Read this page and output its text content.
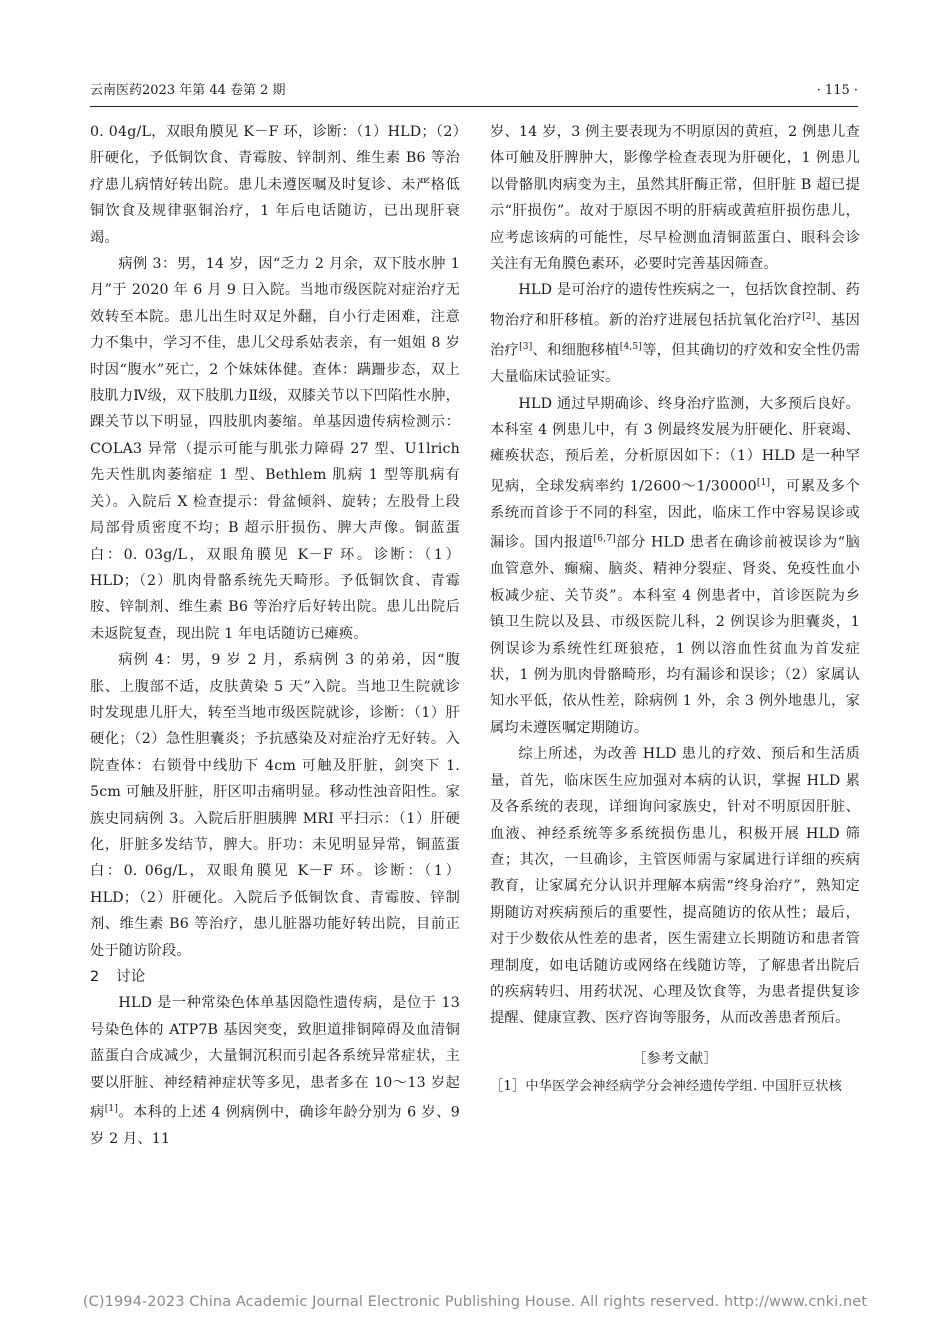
云南医药2023 年第 44 卷第 2 期	· 115 ·

0. 04g/L，双眼角膜见 K－F 环，诊断：（1）HLD；（2）肝硬化，予低铜饮食、青霉胺、锌制剂、维生素 B6 等治疗患儿病情好转出院。患儿未遵医嘱及时复诊、未严格低铜饮食及规律驱铜治疗，1 年后电话随访，已出现肝衰竭。

病例 3：男，14 岁，因“乏力 2 月余，双下肢水肿 1 月”于 2020 年 6 月 9 日入院。当地市级医院对症治疗无效转至本院。患儿出生时双足外翻，自小行走困难，注意力不集中，学习不佳，患儿父母系姑表亲，有一姐姐 8 岁时因“腹水”死亡，2 个妹妹体健。查体：蹒跚步态，双上肢肌力Ⅳ级，双下肢肌力Ⅱ级，双膝关节以下凹陷性水肿，踝关节以下明显，四肢肌肉萎缩。单基因遗传病检测示：COLA3 异常（提示可能与肌张力障碍 27 型、U1lrich 先天性肌肉萎缩症 1 型、Bethlem 肌病 1 型等肌病有关）。入院后 X 检查提示：骨盆倾斜、旋转；左股骨上段局部骨质密度不均；B 超示肝损伤、脾大声像。铜蓝蛋白：0. 03g/L，双眼角膜见 K－F 环。诊断：（1）HLD；（2）肌肉骨骼系统先天畸形。予低铜饮食、青霉胺、锌制剂、维生素 B6 等治疗后好转出院。患儿出院后未返院复查，现出院 1 年电话随访已瘫痪。

病例 4：男，9 岁 2 月，系病例 3 的弟弟，因“腹胀、上腹部不适，皮肤黄染 5 天”入院。当地卫生院就诊时发现患儿肝大，转至当地市级医院就诊，诊断：（1）肝硬化；（2）急性胆囊炎；予抗感染及对症治疗无好转。入院查体：右锁骨中线肋下 4cm 可触及肝脏，剑突下 1. 5cm 可触及肝脏，肝区叩击痛明显。移动性浊音阳性。家族史同病例 3。入院后肝胆胰脾 MRI 平扫示：（1）肝硬化，肝脏多发结节，脾大。肝功：未见明显异常，铜蓝蛋白：0. 06g/L，双眼角膜见 K－F 环。诊断：（1）HLD；（2）肝硬化。入院后予低铜饮食、青霉胺、锌制剂、维生素 B6 等治疗，患儿脏器功能好转出院，目前正处于随访阶段。

2 讨论

HLD 是一种常染色体单基因隐性遗传病，是位于 13 号染色体的 ATP7B 基因突变，致胆道排铜障碍及血清铜蓝蛋白合成减少，大量铜沉积而引起各系统异常症状，主要以肝脏、神经精神症状等多见，患者多在 10～13 岁起病[1]。本科的上述 4 例病例中，确诊年龄分别为 6 岁、9 岁 2 月、11

岁、14 岁，3 例主要表现为不明原因的黄疸，2 例患儿查体可触及肝脾肿大，影像学检查表现为肝硬化，1 例患儿以骨骼肌肉病变为主，虽然其肝酶正常，但肝脏 B 超已提示“肝损伤”。故对于原因不明的肝病或黄疸肝损伤患儿，应考虑该病的可能性，尽早检测血清铜蓝蛋白、眼科会诊关注有无角膜色素环，必要时完善基因筛查。

HLD 是可治疗的遗传性疾病之一，包括饮食控制、药物治疗和肝移植。新的治疗进展包括抗氧化治疗[2]、基因治疗[3]、和细胞移植[4,5]等，但其确切的疗效和安全性仍需大量临床试验证实。

HLD 通过早期确诊、终身治疗监测，大多预后良好。本科室 4 例患儿中，有 3 例最终发展为肝硬化、肝衰竭、瘫痪状态，预后差，分析原因如下：（1）HLD 是一种罕见病，全球发病率约 1/2600～1/30000[1]，可累及多个系统而首诊于不同的科室，因此，临床工作中容易误诊或漏诊。国内报道[6,7]部分 HLD 患者在确诊前被误诊为“脑血管意外、癫痫、脑炎、精神分裂症、肾炎、免疫性血小板减少症、关节炎”。本科室 4 例患者中，首诊医院为乡镇卫生院以及县、市级医院儿科，2 例误诊为胆囊炎，1 例误诊为系统性红斑狼疮，1 例以溶血性贫血为首发症状，1 例为肌肉骨骼畸形，均有漏诊和误诊；（2）家属认知水平低，依从性差，除病例 1 外，余 3 例外地患儿，家属均未遵医嘱定期随访。

综上所述，为改善 HLD 患儿的疗效、预后和生活质量，首先，临床医生应加强对本病的认识，掌握 HLD 累及各系统的表现，详细询问家族史，针对不明原因肝脏、血液、神经系统等多系统损伤患儿，积极开展 HLD 筛查；其次，一旦确诊，主管医师需与家属进行详细的疾病教育，让家属充分认识并理解本病需“终身治疗”，熟知定期随访对疾病预后的重要性，提高随访的依从性；最后，对于少数依从性差的患者，医生需建立长期随访和患者管理制度，如电话随访或网络在线随访等，了解患者出院后的疾病转归、用药状况、心理及饮食等，为患者提供复诊提醒、健康宣教、医疗咨询等服务，从而改善患者预后。

［参考文献］

［1］中华医学会神经病学分会神经遗传学组. 中国肝豆状核

(C)1994-2023 China Academic Journal Electronic Publishing House. All rights reserved. http://www.cnki.net
